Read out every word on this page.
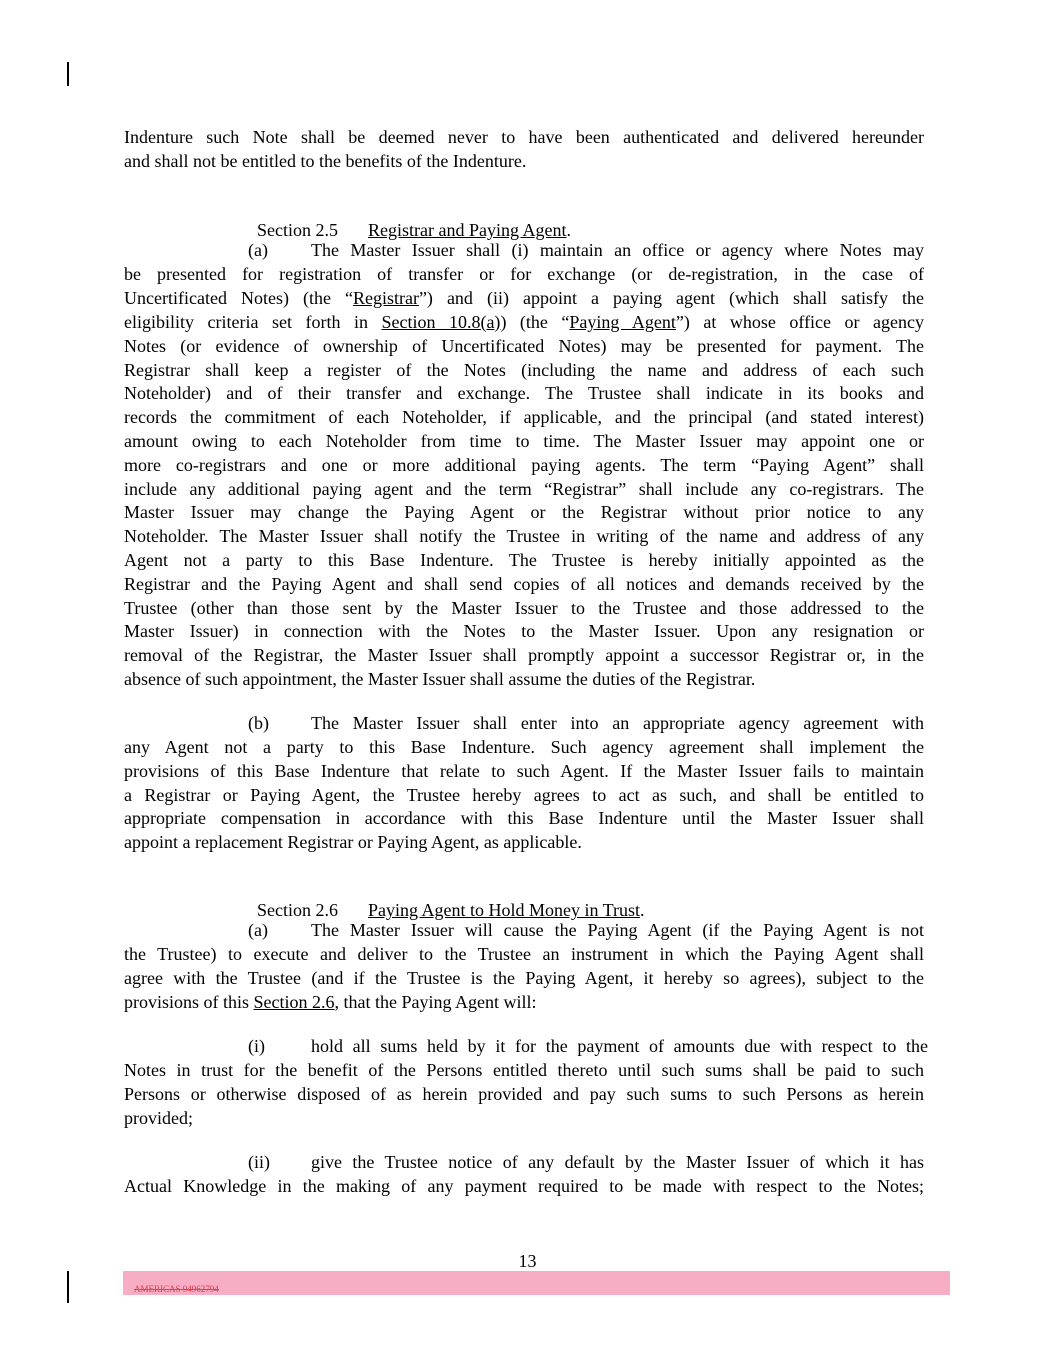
Indenture such Note shall be deemed never to have been authenticated and delivered hereunder
and shall not be entitled to the benefits of the Indenture.

Section 2.5 Registrar and Paying Agent.

(a) The Master Issuer shall (i) maintain an office or agency where Notes may
be presented for registration of transfer or for exchange (or de-registration, in the case of
Uncertificated Notes) (the “Registrar”) and (ii) appoint a paying agent (which shall satisfy the
eligibility criteria set forth in Section 10.8(a)) (the “Paying Agent”) at whose office or agency
Notes (or evidence of ownership of Uncertificated Notes) may be presented for payment. The
Registrar shall keep a register of the Notes (including the name and address of each such
Noteholder) and of their transfer and exchange. The Trustee shall indicate in its books and
records the commitment of each Noteholder, if applicable, and the principal (and stated interest)
amount owing to each Noteholder from time to time. The Master Issuer may appoint one or
more co-registrars and one or more additional paying agents. The term “Paying Agent” shall
include any additional paying agent and the term “Registrar” shall include any co-registrars. The
Master Issuer may change the Paying Agent or the Registrar without prior notice to any
Noteholder. The Master Issuer shall notify the Trustee in writing of the name and address of any
Agent not a party to this Base Indenture. The Trustee is hereby initially appointed as the
Registrar and the Paying Agent and shall send copies of all notices and demands received by the
Trustee (other than those sent by the Master Issuer to the Trustee and those addressed to the
Master Issuer) in connection with the Notes to the Master Issuer. Upon any resignation or
removal of the Registrar, the Master Issuer shall promptly appoint a successor Registrar or, in the
absence of such appointment, the Master Issuer shall assume the duties of the Registrar.
(b) The Master Issuer shall enter into an appropriate agency agreement with
any Agent not a party to this Base Indenture. Such agency agreement shall implement the
provisions of this Base Indenture that relate to such Agent. If the Master Issuer fails to maintain
a Registrar or Paying Agent, the Trustee hereby agrees to act as such, and shall be entitled to
appropriate compensation in accordance with this Base Indenture until the Master Issuer shall
appoint a replacement Registrar or Paying Agent, as applicable.

Section 2.6 Paying Agent to Hold Money in Trust.

(a) The Master Issuer will cause the Paying Agent (if the Paying Agent is not
the Trustee) to execute and deliver to the Trustee an instrument in which the Paying Agent shall
agree with the Trustee (and if the Trustee is the Paying Agent, it hereby so agrees), subject to the
provisions of this Section 2.6, that the Paying Agent will:
(i)	hold all sums held by it for the payment of amounts due with respect to the
Notes in trust for the benefit of the Persons entitled thereto until such sums shall be paid to such
Persons or otherwise disposed of as herein provided and pay such sums to such Persons as herein
provided;
(ii) give the Trustee notice of any default by the Master Issuer of which it has
Actual Knowledge in the making of any payment required to be made with respect to the Notes;
13
AMERICAS 94962794
